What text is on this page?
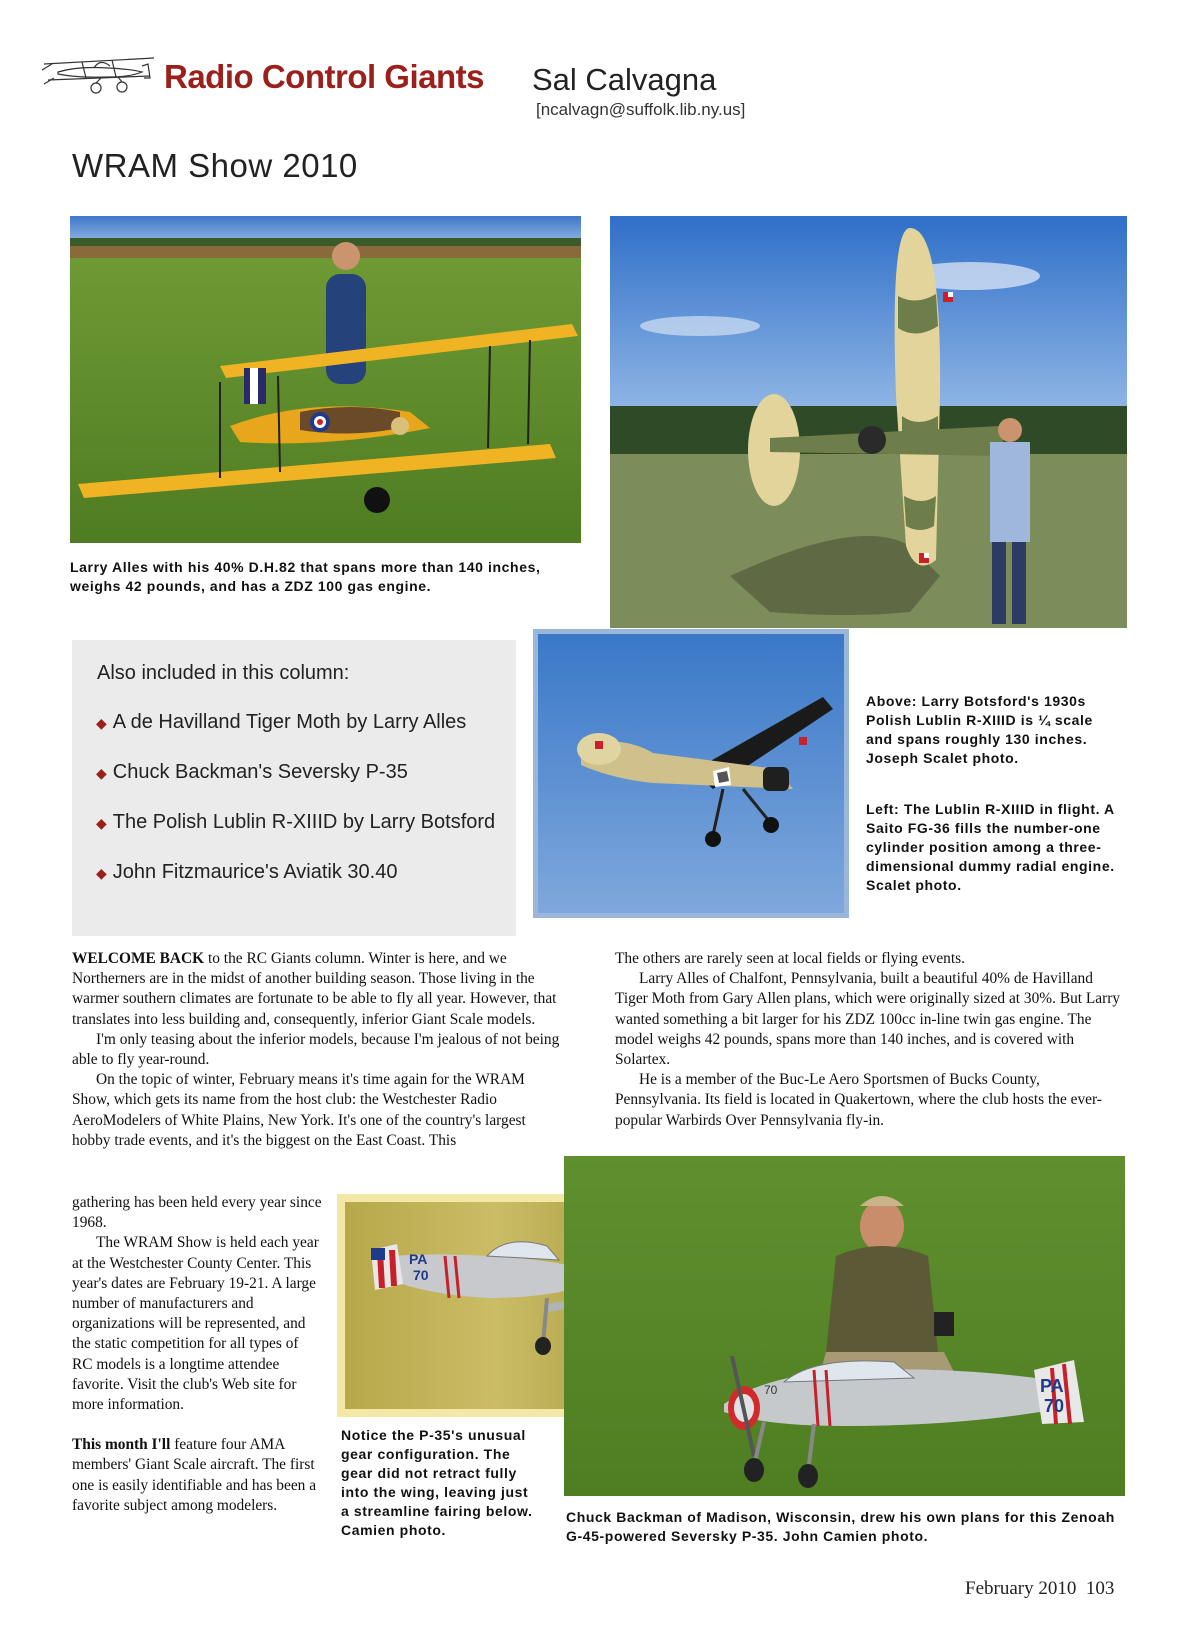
Radio Control Giants Sal Calvagna
[ncalvagn@suffolk.lib.ny.us]
WRAM Show 2010
Larry Alles with his 40% D.H.82 that spans more than 140 inches, weighs 42 pounds, and has a ZDZ 100 gas engine.
Above: Larry Botsford's 1930s Polish Lublin R-XIIID is ¼ scale and spans roughly 130 inches. Joseph Scalet photo.
Left: The Lublin R-XIIID in flight. A Saito FG-36 fills the number-one cylinder position among a three-dimensional dummy radial engine. Scalet photo.
Also included in this column:
◆ A de Havilland Tiger Moth by Larry Alles
◆ Chuck Backman's Seversky P-35
◆ The Polish Lublin R-XIIID by Larry Botsford
◆ John Fitzmaurice's Aviatik 30.40

WELCOME BACK to the RC Giants column. Winter is here, and we Northerners are in the midst of another building season. Those living in the warmer southern climates are fortunate to be able to fly all year. However, that translates into less building and, consequently, inferior Giant Scale models.

I'm only teasing about the inferior models, because I'm jealous of not being able to fly year-round.

On the topic of winter, February means it's time again for the WRAM Show, which gets its name from the host club: the Westchester Radio AeroModelers of White Plains, New York. It's one of the country's largest hobby trade events, and it's the biggest on the East Coast. This

gathering has been held every year since 1968.

The WRAM Show is held each year at the Westchester County Center. This year's dates are February 19-21. A large number of manufacturers and organizations will be represented, and the static competition for all types of RC models is a longtime attendee favorite. Visit the club's Web site for more information.

This month I'll feature four AMA members' Giant Scale aircraft. The first one is easily identifiable and has been a favorite subject among modelers.

The others are rarely seen at local fields or flying events.

Larry Alles of Chalfont, Pennsylvania, built a beautiful 40% de Havilland Tiger Moth from Gary Allen plans, which were originally sized at 30%. But Larry wanted something a bit larger for his ZDZ 100cc in-line twin gas engine. The model weighs 42 pounds, spans more than 140 inches, and is covered with Solartex.

He is a member of the Buc-Le Aero Sportsmen of Bucks County, Pennsylvania. Its field is located in Quakertown, where the club hosts the ever-popular Warbirds Over Pennsylvania fly-in.

PA
70
Notice the P-35's unusual gear configuration. The gear did not retract fully into the wing, leaving just a streamline fairing below. Camien photo.
PA
70
70
Chuck Backman of Madison, Wisconsin, drew his own plans for this Zenoah G-45-powered Seversky P-35. John Camien photo.
February 2010 103
